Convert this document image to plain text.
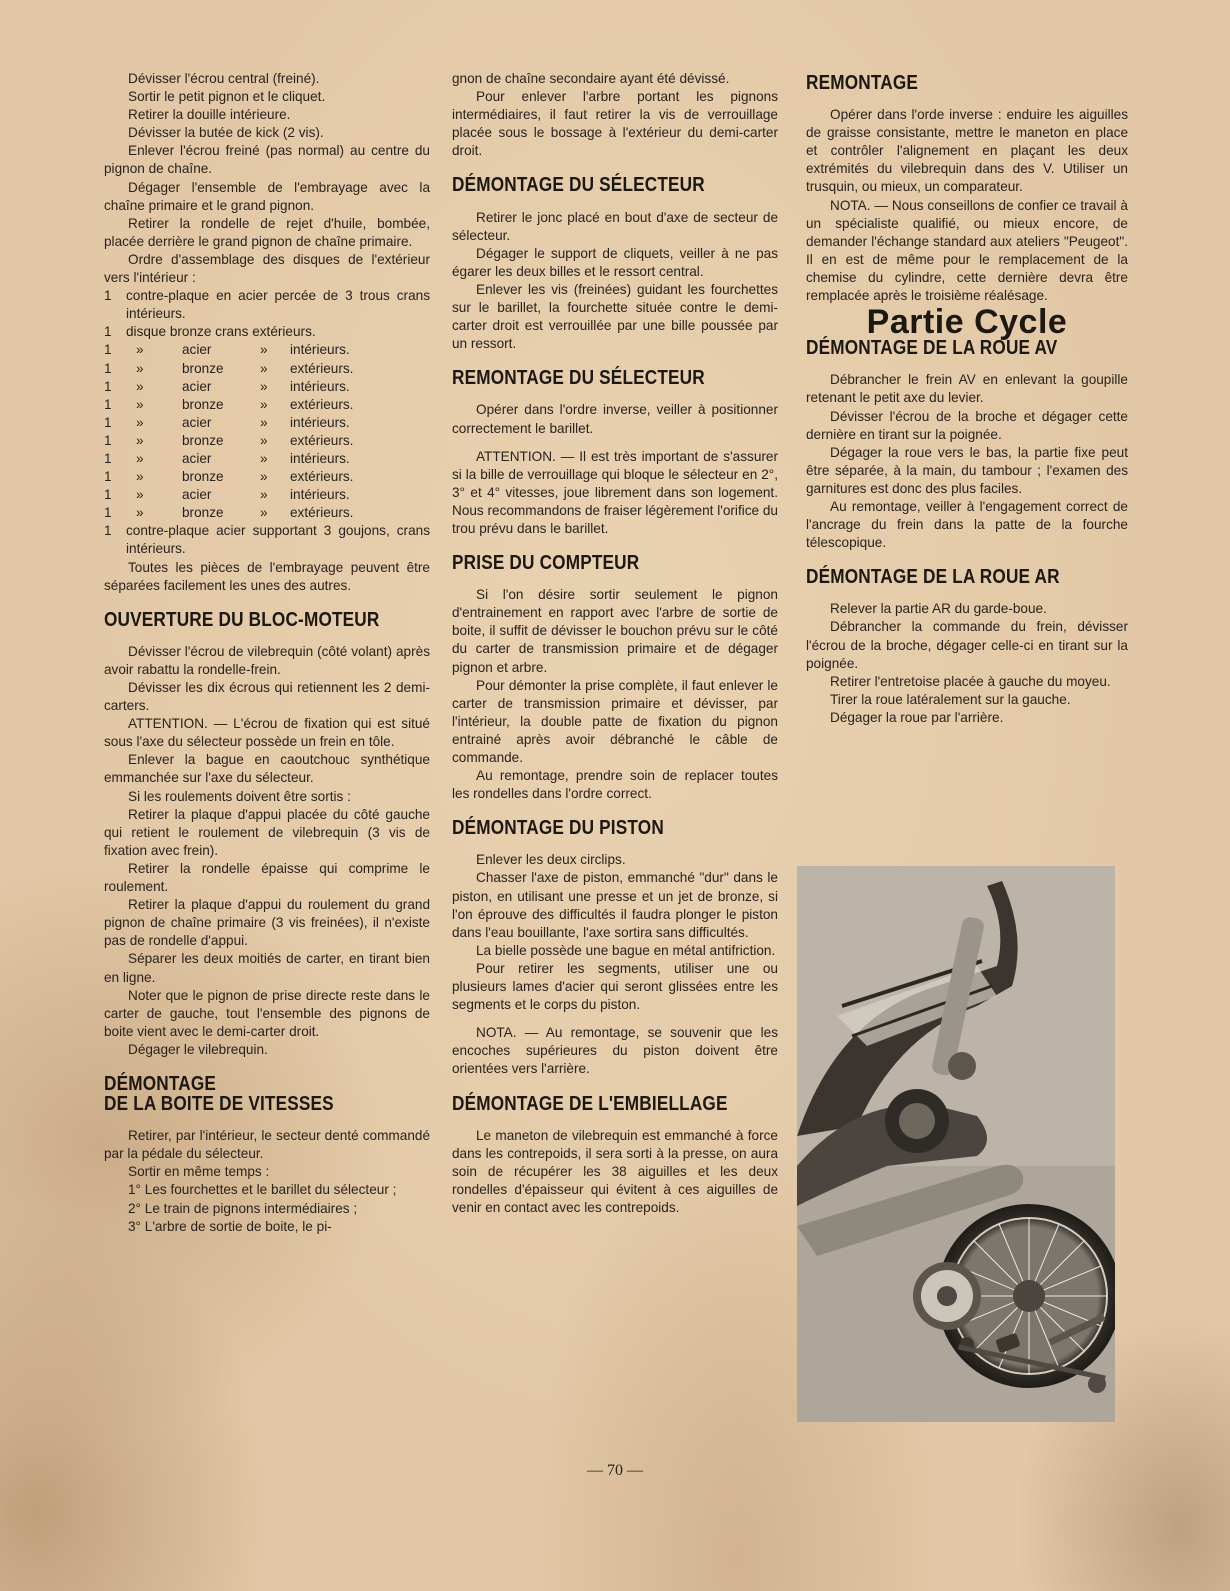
Dévisser l'écrou central (freiné).

Sortir le petit pignon et le cliquet.

Retirer la douille intérieure.

Dévisser la butée de kick (2 vis).

Enlever l'écrou freiné (pas normal) au centre du pignon de chaîne.

Dégager l'ensemble de l'embrayage avec la chaîne primaire et le grand pignon.

Retirer la rondelle de rejet d'huile, bombée, placée derrière le grand pignon de chaîne primaire.

Ordre d'assemblage des disques de l'extérieur vers l'intérieur :

1	contre-plaque en acier percée de 3 trous crans intérieurs.
1	disque bronze crans extérieurs.
1	»	acier	»	intérieurs.
1	»	bronze	»	extérieurs.
1	»	acier	»	intérieurs.
1	»	bronze	»	extérieurs.
1	»	acier	»	intérieurs.
1	»	bronze	»	extérieurs.
1	»	acier	»	intérieurs.
1	»	bronze	»	extérieurs.
1	»	acier	»	intérieurs.
1	»	bronze	»	extérieurs.
1	contre-plaque acier supportant 3 goujons, crans intérieurs.

Toutes les pièces de l'embrayage peuvent être séparées facilement les unes des autres.

OUVERTURE DU BLOC-MOTEUR

Dévisser l'écrou de vilebrequin (côté volant) après avoir rabattu la rondelle-frein.

Dévisser les dix écrous qui retiennent les 2 demi-carters.

ATTENTION. — L'écrou de fixation qui est situé sous l'axe du sélecteur possède un frein en tôle.

Enlever la bague en caoutchouc synthétique emmanchée sur l'axe du sélecteur.

Si les roulements doivent être sortis :

Retirer la plaque d'appui placée du côté gauche qui retient le roulement de vilebrequin (3 vis de fixation avec frein).

Retirer la rondelle épaisse qui comprime le roulement.

Retirer la plaque d'appui du roulement du grand pignon de chaîne primaire (3 vis freinées), il n'existe pas de rondelle d'appui.

Séparer les deux moitiés de carter, en tirant bien en ligne.

Noter que le pignon de prise directe reste dans le carter de gauche, tout l'ensemble des pignons de boite vient avec le demi-carter droit.

Dégager le vilebrequin.

DÉMONTAGE
DE LA BOITE DE VITESSES

Retirer, par l'intérieur, le secteur denté commandé par la pédale du sélecteur.

Sortir en même temps :

1° Les fourchettes et le barillet du sélecteur ;

2° Le train de pignons intermédiaires ;

3° L'arbre de sortie de boite, le pi-

gnon de chaîne secondaire ayant été dévissé.

Pour enlever l'arbre portant les pignons intermédiaires, il faut retirer la vis de verrouillage placée sous le bossage à l'extérieur du demi-carter droit.

DÉMONTAGE DU SÉLECTEUR

Retirer le jonc placé en bout d'axe de secteur de sélecteur.

Dégager le support de cliquets, veiller à ne pas égarer les deux billes et le ressort central.

Enlever les vis (freinées) guidant les fourchettes sur le barillet, la fourchette située contre le demi-carter droit est verrouillée par une bille poussée par un ressort.

REMONTAGE DU SÉLECTEUR

Opérer dans l'ordre inverse, veiller à positionner correctement le barillet.

ATTENTION. — Il est très important de s'assurer si la bille de verrouillage qui bloque le sélecteur en 2°, 3° et 4° vitesses, joue librement dans son logement. Nous recommandons de fraiser légèrement l'orifice du trou prévu dans le barillet.

PRISE DU COMPTEUR

Si l'on désire sortir seulement le pignon d'entrainement en rapport avec l'arbre de sortie de boite, il suffit de dévisser le bouchon prévu sur le côté du carter de transmission primaire et de dégager pignon et arbre.

Pour démonter la prise complète, il faut enlever le carter de transmission primaire et dévisser, par l'intérieur, la double patte de fixation du pignon entrainé après avoir débranché le câble de commande.

Au remontage, prendre soin de replacer toutes les rondelles dans l'ordre correct.

DÉMONTAGE DU PISTON

Enlever les deux circlips.

Chasser l'axe de piston, emmanché "dur" dans le piston, en utilisant une presse et un jet de bronze, si l'on éprouve des difficultés il faudra plonger le piston dans l'eau bouillante, l'axe sortira sans difficultés.

La bielle possède une bague en métal antifriction.

Pour retirer les segments, utiliser une ou plusieurs lames d'acier qui seront glissées entre les segments et le corps du piston.

NOTA. — Au remontage, se souvenir que les encoches supérieures du piston doivent être orientées vers l'arrière.

DÉMONTAGE DE L'EMBIELLAGE

Le maneton de vilebrequin est emmanché à force dans les contrepoids, il sera sorti à la presse, on aura soin de récupérer les 38 aiguilles et les deux rondelles d'épaisseur qui évitent à ces aiguilles de venir en contact avec les contrepoids.

REMONTAGE

Opérer dans l'orde inverse : enduire les aiguilles de graisse consistante, mettre le maneton en place et contrôler l'alignement en plaçant les deux extrémités du vilebrequin dans des V. Utiliser un trusquin, ou mieux, un comparateur.

NOTA. — Nous conseillons de confier ce travail à un spécialiste qualifié, ou mieux encore, de demander l'échange standard aux ateliers "Peugeot". Il en est de même pour le remplacement de la chemise du cylindre, cette dernière devra être remplacée après le troisième réalésage.

Partie Cycle
DÉMONTAGE DE LA ROUE AV

Débrancher le frein AV en enlevant la goupille retenant le petit axe du levier.

Dévisser l'écrou de la broche et dégager cette dernière en tirant sur la poignée.

Dégager la roue vers le bas, la partie fixe peut être séparée, à la main, du tambour ; l'examen des garnitures est donc des plus faciles.

Au remontage, veiller à l'engagement correct de l'ancrage du frein dans la patte de la fourche télescopique.

DÉMONTAGE DE LA ROUE AR

Relever la partie AR du garde-boue.

Débrancher la commande du frein, dévisser l'écrou de la broche, dégager celle-ci en tirant sur la poignée.

Retirer l'entretoise placée à gauche du moyeu.

Tirer la roue latéralement sur la gauche.

Dégager la roue par l'arrière.

— 70 —
